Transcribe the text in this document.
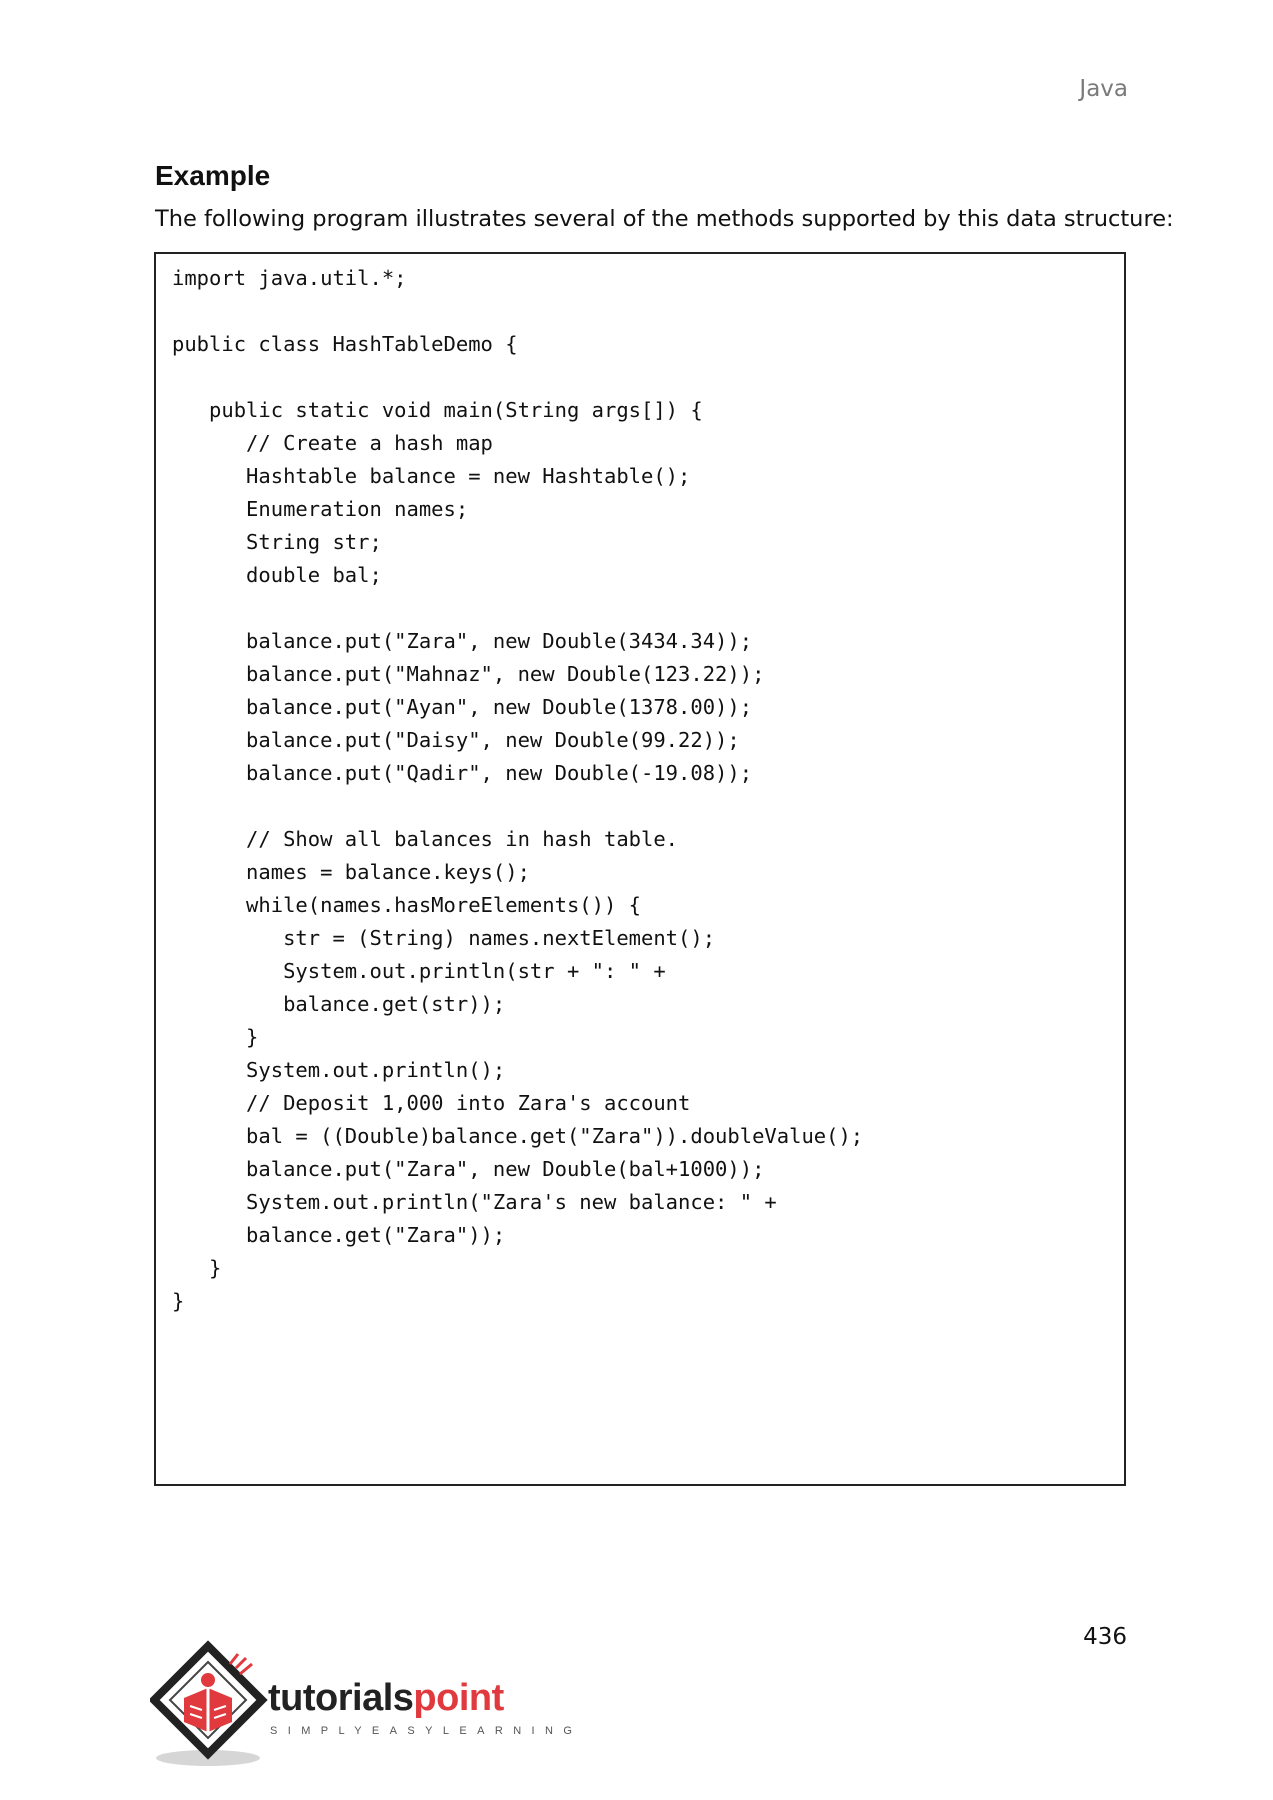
Java
Example

The following program illustrates several of the methods supported by this data structure:

import java.util.*;
public class HashTableDemo {
public static void main(String args[]) {
// Create a hash map
Hashtable balance = new Hashtable();
Enumeration names;
String str;
double bal;
balance.put("Zara", new Double(3434.34));
balance.put("Mahnaz", new Double(123.22));
balance.put("Ayan", new Double(1378.00));
balance.put("Daisy", new Double(99.22));
balance.put("Qadir", new Double(-19.08));
// Show all balances in hash table.
names = balance.keys();
while(names.hasMoreElements()) {
str = (String) names.nextElement();
System.out.println(str + ": " +
balance.get(str));
}
System.out.println();
// Deposit 1,000 into Zara's account
bal = ((Double)balance.get("Zara")).doubleValue();
balance.put("Zara", new Double(bal+1000));
System.out.println("Zara's new balance: " +
balance.get("Zara"));
}
}
436
tutorialspoint
SIMPLYEASYLEARNING
